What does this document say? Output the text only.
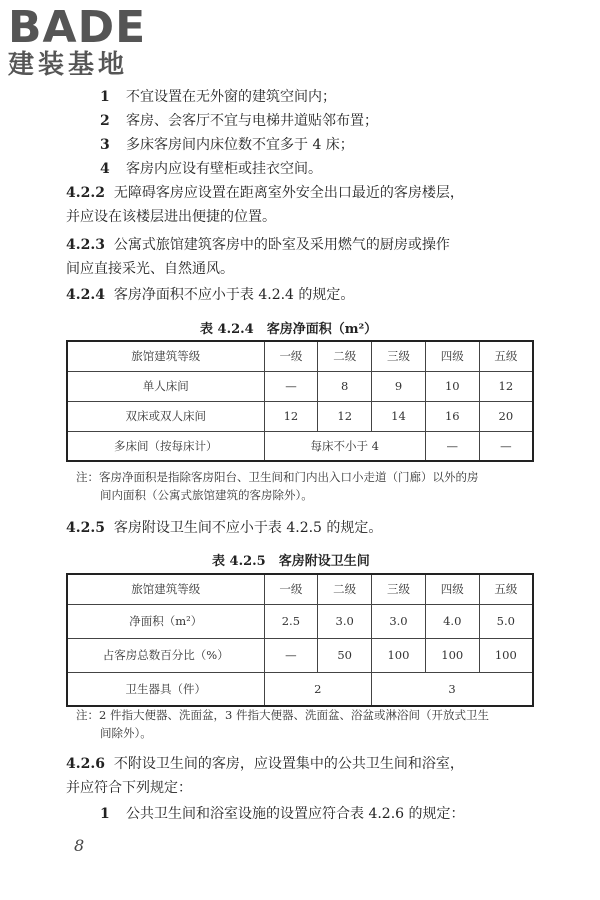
BADE
建装基地
1 不宜设置在无外窗的建筑空间内；
2 客房、会客厅不宜与电梯井道贴邻布置；
3 多床客房间内床位数不宜多于 4 床；
4 客房内应设有壁柜或挂衣空间。
4.2.2 无障碍客房应设置在距离室外安全出口最近的客房楼层，
并应设在该楼层进出便捷的位置。
4.2.3 公寓式旅馆建筑客房中的卧室及采用燃气的厨房或操作
间应直接采光、自然通风。
4.2.4 客房净面积不应小于表 4.2.4 的规定。
表 4.2.4　客房净面积（m²）
旅馆建筑等级	一级	二级	三级	四级	五级
单人床间	—	8	9	10	12
双床或双人床间	12	12	14	16	20
多床间（按每床计）	每床不小于 4			—	—
注：客房净面积是指除客房阳台、卫生间和门内出入口小走道（门廊）以外的房
间内面积（公寓式旅馆建筑的客房除外）。
4.2.5 客房附设卫生间不应小于表 4.2.5 的规定。
表 4.2.5　客房附设卫生间
旅馆建筑等级	一级	二级	三级	四级	五级
净面积（m²）	2.5	3.0	3.0	4.0	5.0
占客房总数百分比（%）	—	50	100	100	100
卫生器具（件）	2		3		
注：2 件指大便器、洗面盆，3 件指大便器、洗面盆、浴盆或淋浴间（开放式卫生
间除外）。
4.2.6 不附设卫生间的客房，应设置集中的公共卫生间和浴室，
并应符合下列规定：
1 公共卫生间和浴室设施的设置应符合表 4.2.6 的规定：
8
